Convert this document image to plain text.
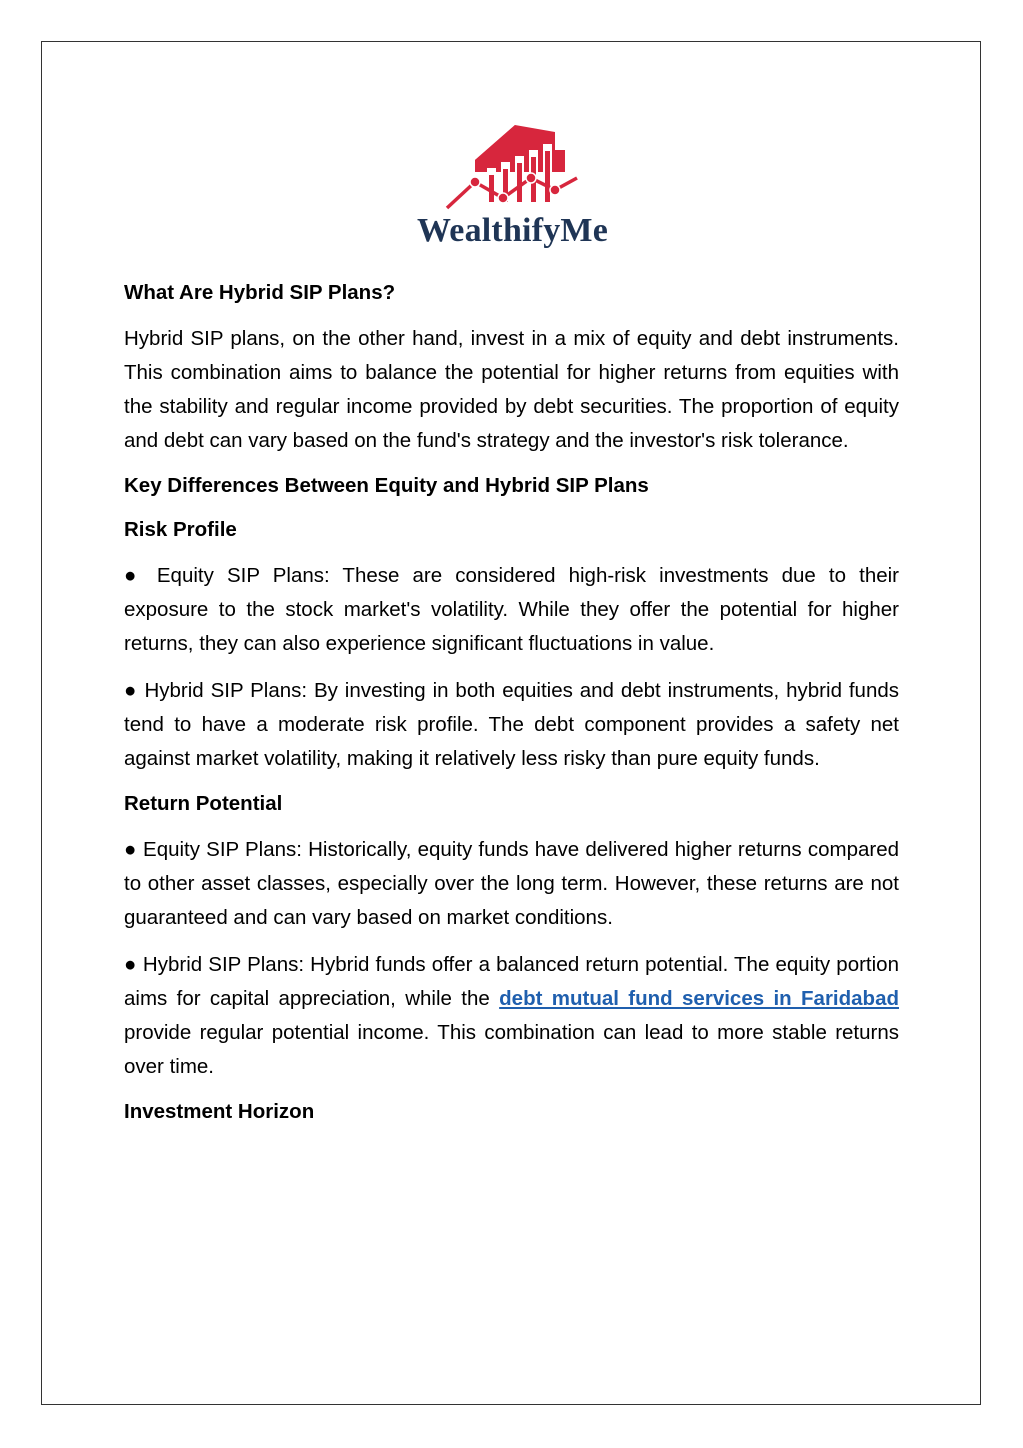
WealthifyMe
What Are Hybrid SIP Plans?

Hybrid SIP plans, on the other hand, invest in a mix of equity and debt instruments. This combination aims to balance the potential for higher returns from equities with the stability and regular income provided by debt securities. The proportion of equity and debt can vary based on the fund's strategy and the investor's risk tolerance.

Key Differences Between Equity and Hybrid SIP Plans
Risk Profile

● Equity SIP Plans: These are considered high-risk investments due to their exposure to the stock market's volatility. While they offer the potential for higher returns, they can also experience significant fluctuations in value.

● Hybrid SIP Plans: By investing in both equities and debt instruments, hybrid funds tend to have a moderate risk profile. The debt component provides a safety net against market volatility, making it relatively less risky than pure equity funds.

Return Potential

● Equity SIP Plans: Historically, equity funds have delivered higher returns compared to other asset classes, especially over the long term. However, these returns are not guaranteed and can vary based on market conditions.

● Hybrid SIP Plans: Hybrid funds offer a balanced return potential. The equity portion aims for capital appreciation, while the debt mutual fund services in Faridabad provide regular potential income. This combination can lead to more stable returns over time.

Investment Horizon
